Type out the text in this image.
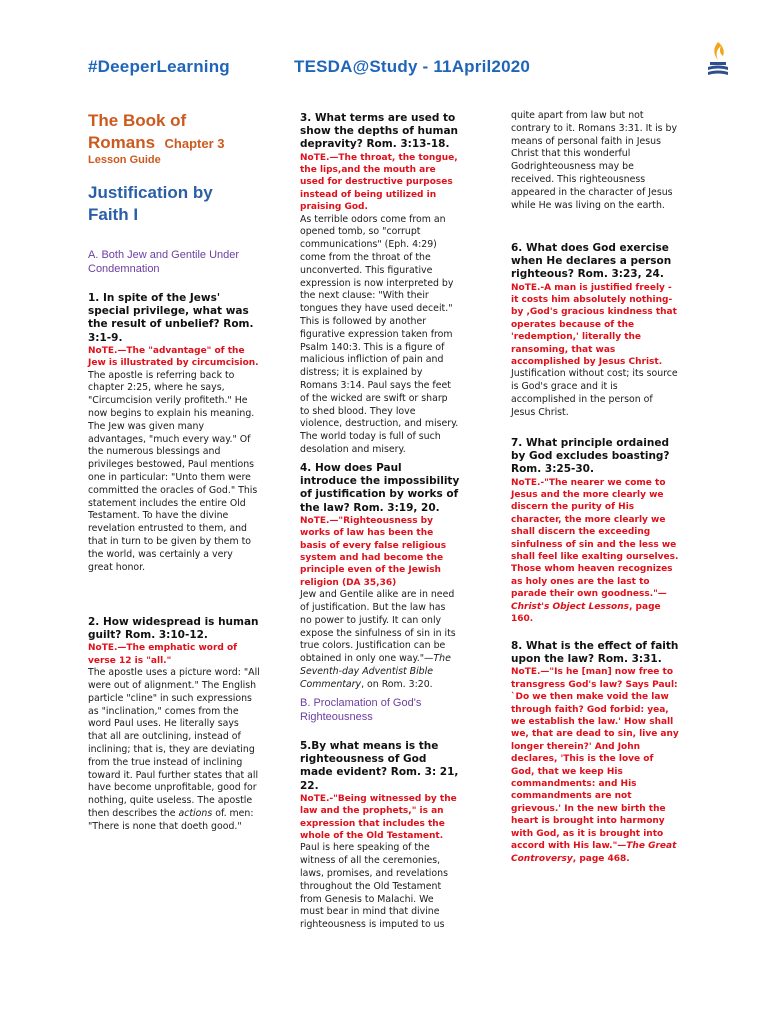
#DeeperLearning	TESDA@Study - 11April2020
The Book of
Romans Chapter 3
Lesson Guide
Justification by
Faith I
A. Both Jew and Gentile Under Condemnation
1. In spite of the Jews' special privilege, what was the result of unbelief? Rom. 3:1-9.
NoTE.—The "advantage" of the Jew is illustrated by circumcision.
The apostle is referring back to chapter 2:25, where he says, "Circumcision verily profiteth." He now begins to explain his meaning. The Jew was given many advantages, "much every way." Of the numerous blessings and privileges bestowed, Paul mentions one in particular: "Unto them were committed the oracles of God." This statement includes the entire Old Testament. To have the divine revelation entrusted to them, and that in turn to be given by them to the world, was certainly a very great honor.
2. How widespread is human guilt? Rom. 3:10-12.
NoTE.—The emphatic word of verse 12 is "all."
The apostle uses a picture word: "All were out of alignment." The English particle "cline" in such expressions as "inclination," comes from the word Paul uses. He literally says that all are outclining, instead of inclining; that is, they are deviating from the true instead of inclining toward it. Paul further states that all have become unprofitable, good for nothing, quite useless. The apostle then describes the actions of. men: "There is none that doeth good."
3. What terms are used to show the depths of human depravity? Rom. 3:13-18.
NoTE.—The throat, the tongue, the lips,and the mouth are used for destructive purposes instead of being utilized in praising God.
As terrible odors come from an opened tomb, so "corrupt communications" (Eph. 4:29) come from the throat of the unconverted. This figurative expression is now interpreted by the next clause: "With their tongues they have used deceit." This is followed by another figurative expression taken from Psalm 140:3. This is a figure of malicious infliction of pain and distress; it is explained by Romans 3:14. Paul says the feet of the wicked are swift or sharp to shed blood. They love violence, destruction, and misery. The world today is full of such desolation and misery.
4. How does Paul introduce the impossibility of justification by works of the law? Rom. 3:19, 20.
NoTE.—"Righteousness by works of law has been the basis of every false religious system and had become the principle even of the Jewish religion (DA 35,36)
Jew and Gentile alike are in need of justification. But the law has no power to justify. It can only expose the sinfulness of sin in its true colors. Justification can be obtained in only one way."—The Seventh-day Adventist Bible Commentary, on Rom. 3:20.
B. Proclamation of God's Righteousness
5.By what means is the righteousness of God made evident? Rom. 3: 21, 22.
NoTE.-"Being witnessed by the law and the prophets," is an expression that includes the whole of the Old Testament.
Paul is here speaking of the witness of all the ceremonies, laws, promises, and revelations throughout the Old Testament from Genesis to Malachi. We must bear in mind that divine righteousness is imputed to us
quite apart from law but not contrary to it. Romans 3:31. It is by means of personal faith in Jesus Christ that this wonderful Godrighteousness may be received. This righteousness appeared in the character of Jesus while He was living on the earth.
6. What does God exercise when He declares a person righteous? Rom. 3:23, 24.
NoTE.-A man is justified freely -it costs him absolutely nothing-by ,God's gracious kindness that operates because of the 'redemption,' literally the ransoming, that was accomplished by Jesus Christ.
Justification without cost; its source is God's grace and it is accomplished in the person of Jesus Christ.
7. What principle ordained by God excludes boasting? Rom. 3:25-30.
NoTE.-"The nearer we come to Jesus and the more clearly we discern the purity of His character, the more clearly we shall discern the exceeding sinfulness of sin and the less we shall feel like exalting ourselves. Those whom heaven recognizes as holy ones are the last to parade their own goodness."—Christ's Object Lessons, page 160.
8. What is the effect of faith upon the law? Rom. 3:31.
NoTE.—"Is he [man] now free to transgress God's law? Says Paul: `Do we then make void the law through faith? God forbid: yea, we establish the law.' How shall we, that are dead to sin, live any longer therein?' And John declares, 'This is the love of God, that we keep His commandments: and His commandments are not grievous.' In the new birth the heart is brought into harmony with God, as it is brought into accord with His law."—The Great Controversy, page 468.
